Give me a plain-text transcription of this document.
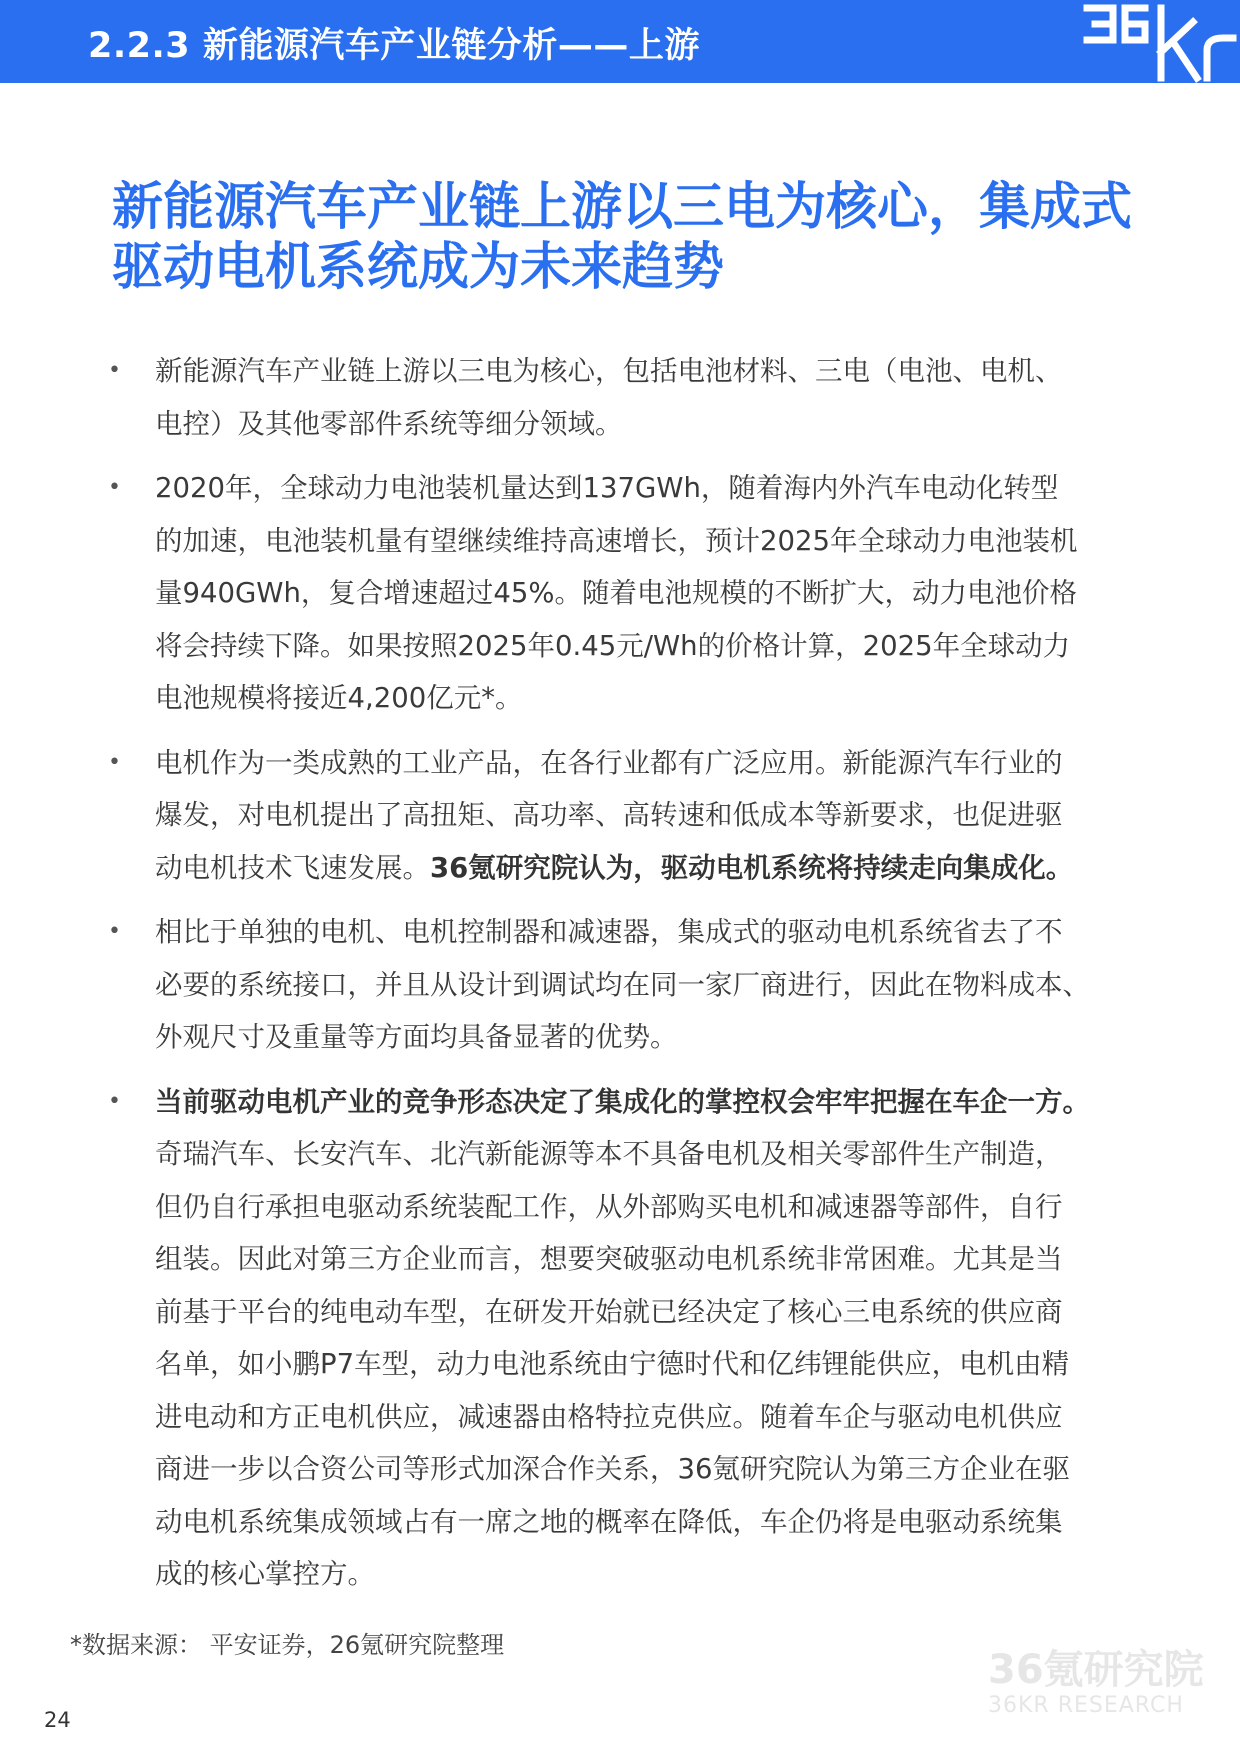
2.2.3 新能源汽车产业链分析——上游
新能源汽车产业链上游以三电为核心，集成式
驱动电机系统成为未来趋势
• 新能源汽车产业链上游以三电为核心，包括电池材料、三电（电池、电机、
电控）及其他零部件系统等细分领域。
• 2020年，全球动力电池装机量达到137GWh，随着海内外汽车电动化转型
的加速，电池装机量有望继续维持高速增长，预计2025年全球动力电池装机
量940GWh，复合增速超过45%。随着电池规模的不断扩大，动力电池价格
将会持续下降。如果按照2025年0.45元/Wh的价格计算，2025年全球动力
电池规模将接近4,200亿元*。
• 电机作为一类成熟的工业产品，在各行业都有广泛应用。新能源汽车行业的
爆发，对电机提出了高扭矩、高功率、高转速和低成本等新要求，也促进驱
动电机技术飞速发展。36氪研究院认为，驱动电机系统将持续走向集成化。
• 相比于单独的电机、电机控制器和减速器，集成式的驱动电机系统省去了不
必要的系统接口，并且从设计到调试均在同一家厂商进行，因此在物料成本、
外观尺寸及重量等方面均具备显著的优势。
• 当前驱动电机产业的竞争形态决定了集成化的掌控权会牢牢把握在车企一方。
奇瑞汽车、长安汽车、北汽新能源等本不具备电机及相关零部件生产制造，
但仍自行承担电驱动系统装配工作，从外部购买电机和减速器等部件，自行
组装。因此对第三方企业而言，想要突破驱动电机系统非常困难。尤其是当
前基于平台的纯电动车型，在研发开始就已经决定了核心三电系统的供应商
名单，如小鹏P7车型，动力电池系统由宁德时代和亿纬锂能供应，电机由精
进电动和方正电机供应，减速器由格特拉克供应。随着车企与驱动电机供应
商进一步以合资公司等形式加深合作关系，36氪研究院认为第三方企业在驱
动电机系统集成领域占有一席之地的概率在降低，车企仍将是电驱动系统集
成的核心掌控方。
*数据来源： 平安证券，26氪研究院整理
36氪研究院
36KR RESEARCH
24
